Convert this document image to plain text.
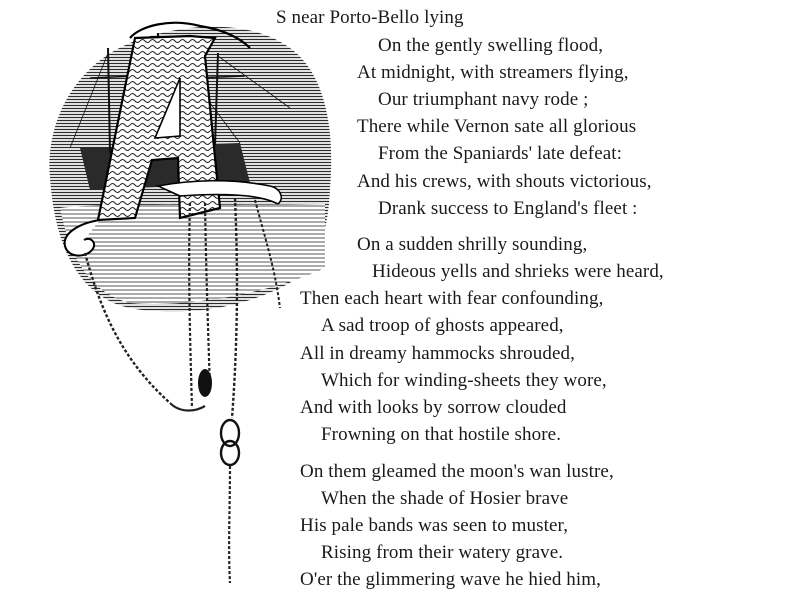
S near Porto-Bello lying
On the gently swelling flood,
At midnight, with streamers flying,
Our triumphant navy rode ;
There while Vernon sate all glorious
From the Spaniards' late defeat:
And his crews, with shouts victorious,
Drank success to England's fleet :
On a sudden shrilly sounding,
Hideous yells and shrieks were heard,
Then each heart with fear confounding,
A sad troop of ghosts appeared,
All in dreamy hammocks shrouded,
Which for winding-sheets they wore,
And with looks by sorrow clouded
Frowning on that hostile shore.
On them gleamed the moon's wan lustre,
When the shade of Hosier brave
His pale bands was seen to muster,
Rising from their watery grave.
O'er the glimmering wave he hied him,
